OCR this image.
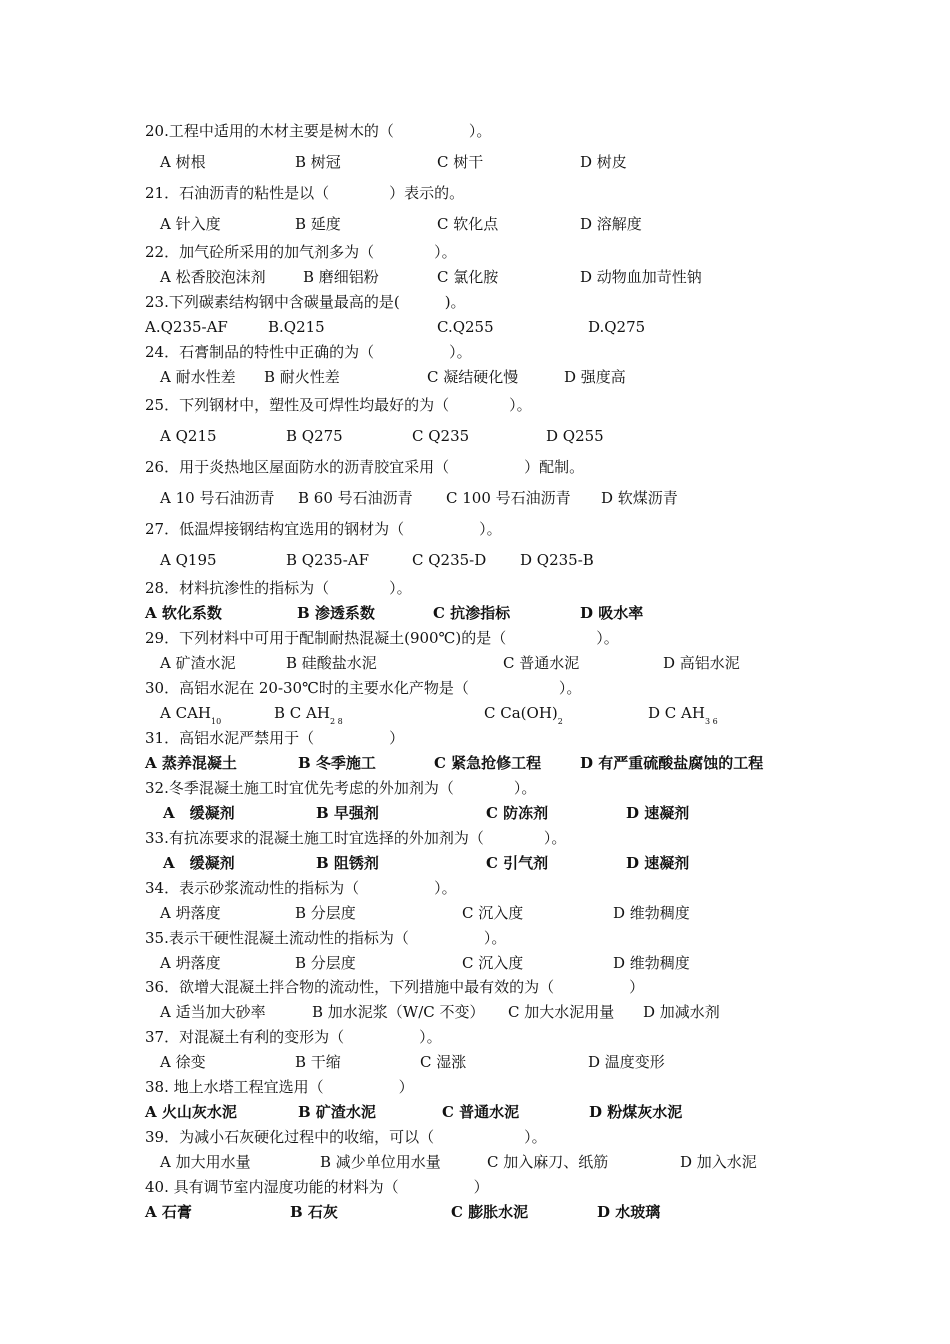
20.工程中适用的木材主要是树木的（　　　　　）。
A 树根	B 树冠	C 树干	D 树皮
21．石油沥青的粘性是以（　　　　）表示的。
A 针入度	B 延度	C 软化点	D 溶解度
22．加气砼所采用的加气剂多为（　　　　）。
A 松香胶泡沫剂 B 磨细铝粉	C 氯化胺	D 动物血加苛性钠
23.下列碳素结构钢中含碳量最高的是(　　　)。
A.Q235-AF	B.Q215	C.Q255	D.Q275
24．石膏制品的特性中正确的为（　　　　　）。
A 耐水性差 B 耐火性差	C 凝结硬化慢	D 强度高
25．下列钢材中，塑性及可焊性均最好的为（　　　　）。
A Q215	B Q275	C Q235	D Q255
26．用于炎热地区屋面防水的沥青胶宜采用（　　　　　）配制。
A 10 号石油沥青 B 60 号石油沥青 C 100 号石油沥青 D 软煤沥青
27．低温焊接钢结构宜选用的钢材为（　　　　　）。
A Q195	B Q235-AF	C Q235-D D Q235-B
28．材料抗渗性的指标为（　　　　）。
A 软化系数	B 渗透系数	C 抗渗指标	D 吸水率
29．下列材料中可用于配制耐热混凝土(900℃)的是（　　　　　　）。
A 矿渣水泥	B 硅酸盐水泥	C 普通水泥	D 高铝水泥
30．高铝水泥在 20-30℃时的主要水化产物是（　　　　　　）。
A $CAH_{10}$	B C $AH_{2 8}$	C $Ca(OH)_2$	D C $AH_{3 6}$
31．高铝水泥严禁用于（　　　　　）
A 蒸养混凝土	B 冬季施工	C 紧急抢修工程	D 有严重硫酸盐腐蚀的工程
32.冬季混凝土施工时宜优先考虑的外加剂为（　　　　）。
A　缓凝剂	B 早强剂	C 防冻剂	D 速凝剂
33.有抗冻要求的混凝土施工时宜选择的外加剂为（　　　　）。
A　缓凝剂	B 阻锈剂	C 引气剂	D 速凝剂
34．表示砂浆流动性的指标为（　　　　　）。
A 坍落度	B 分层度	C 沉入度	D 维勃稠度
35.表示干硬性混凝土流动性的指标为（　　　　　）。
A 坍落度	B 分层度	C 沉入度	D 维勃稠度
36．欲增大混凝土拌合物的流动性，下列措施中最有效的为（　　　　　）
A 适当加大砂率	B 加水泥浆（W/C 不变） C 加大水泥用量 D 加减水剂
37．对混凝土有利的变形为（　　　　　）。
A 徐变	B 干缩	C 湿涨	D 温度变形
38. 地上水塔工程宜选用（　　　　　）
A 火山灰水泥	B 矿渣水泥	C 普通水泥	D 粉煤灰水泥
39．为减小石灰硬化过程中的收缩，可以（　　　　　　）。
A 加大用水量	B 减少单位用水量	C 加入麻刀、纸筋	D 加入水泥
40. 具有调节室内湿度功能的材料为（　　　　　）
A 石膏	B 石灰	C 膨胀水泥	D 水玻璃
